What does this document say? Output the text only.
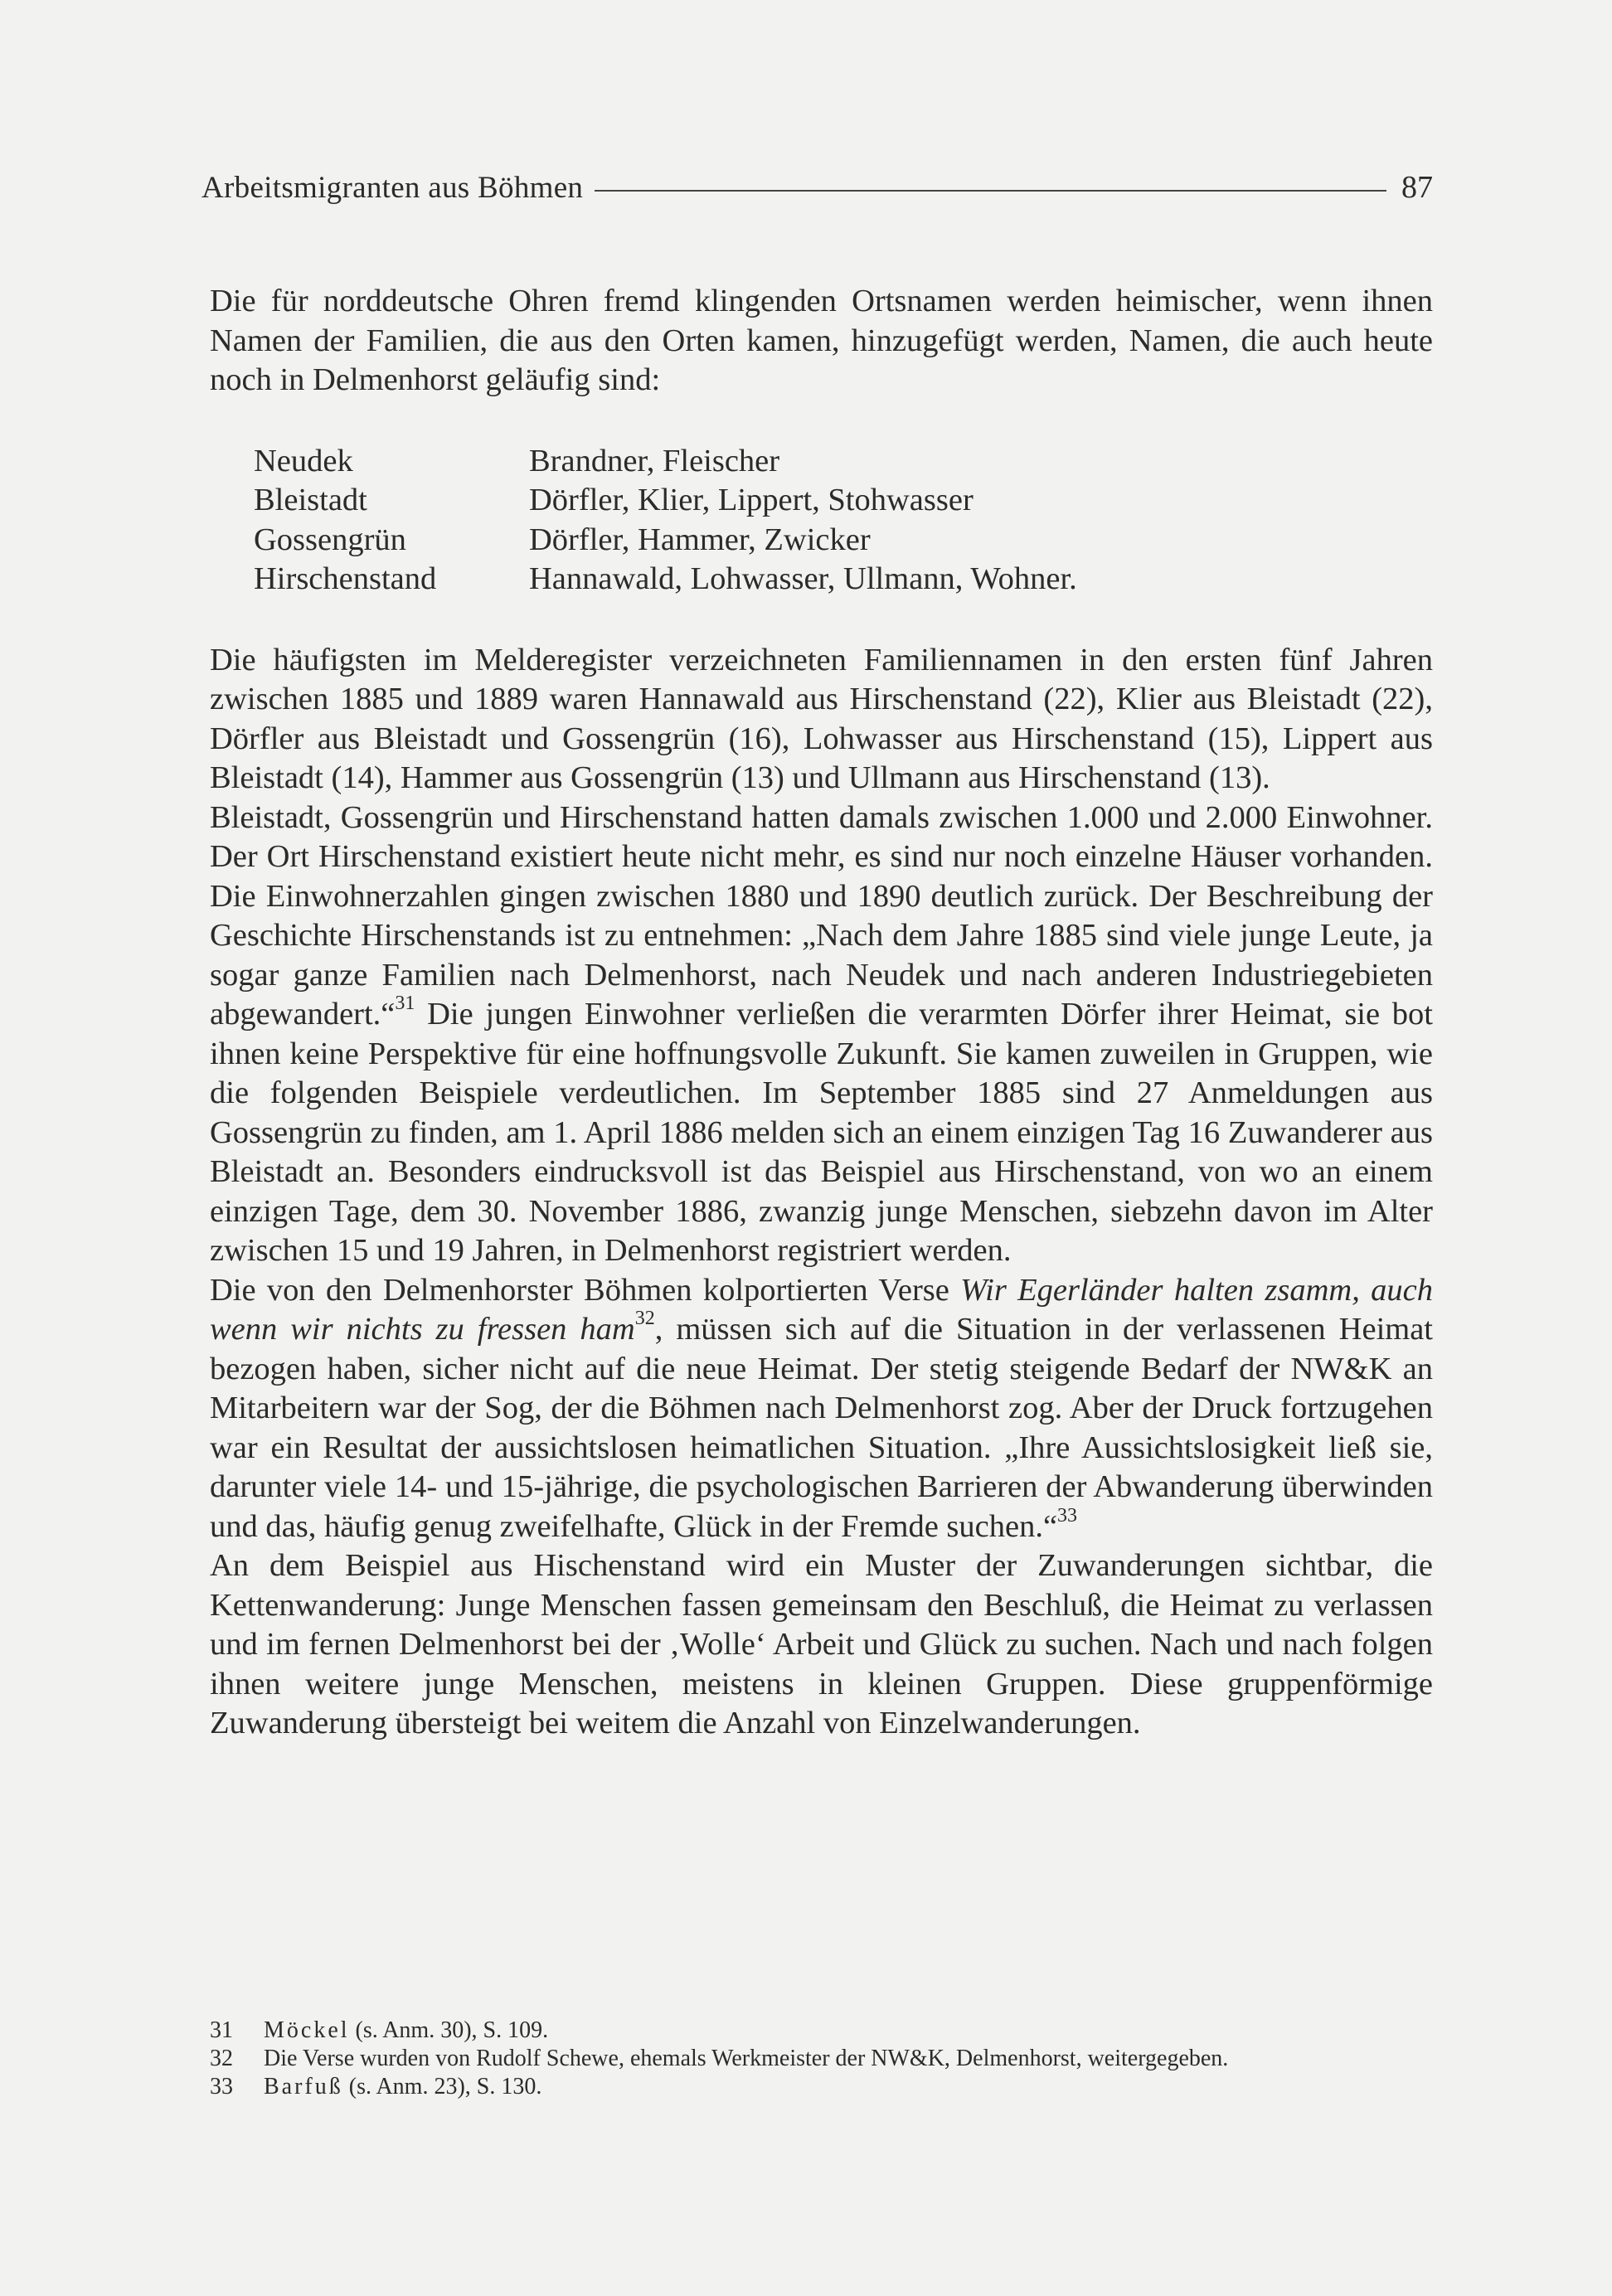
Arbeitsmigranten aus Böhmen	87

Die für norddeutsche Ohren fremd klingenden Ortsnamen werden heimischer, wenn ihnen Namen der Familien, die aus den Orten kamen, hinzugefügt werden, Namen, die auch heute noch in Delmenhorst geläufig sind:

Neudek	Brandner, Fleischer
Bleistadt	Dörfler, Klier, Lippert, Stohwasser
Gossengrün	Dörfler, Hammer, Zwicker
Hirschenstand	Hannawald, Lohwasser, Ullmann, Wohner.

Die häufigsten im Melderegister verzeichneten Familiennamen in den ersten fünf Jahren zwischen 1885 und 1889 waren Hannawald aus Hirschenstand (22), Klier aus Bleistadt (22), Dörfler aus Bleistadt und Gossengrün (16), Lohwasser aus Hirschenstand (15), Lippert aus Bleistadt (14), Hammer aus Gossengrün (13) und Ullmann aus Hirschenstand (13).

Bleistadt, Gossengrün und Hirschenstand hatten damals zwischen 1.000 und 2.000 Einwohner. Der Ort Hirschenstand existiert heute nicht mehr, es sind nur noch einzelne Häuser vorhanden. Die Einwohnerzahlen gingen zwischen 1880 und 1890 deutlich zurück. Der Beschreibung der Geschichte Hirschenstands ist zu entnehmen: „Nach dem Jahre 1885 sind viele junge Leute, ja sogar ganze Familien nach Delmenhorst, nach Neudek und nach anderen Industriegebieten abgewandert.“$^{31}$ Die jungen Einwohner verließen die verarmten Dörfer ihrer Heimat, sie bot ihnen keine Perspektive für eine hoffnungsvolle Zukunft. Sie kamen zuweilen in Gruppen, wie die folgenden Beispiele verdeutlichen. Im September 1885 sind 27 Anmeldungen aus Gossengrün zu finden, am 1. April 1886 melden sich an einem einzigen Tag 16 Zuwanderer aus Bleistadt an. Besonders eindrucksvoll ist das Beispiel aus Hirschenstand, von wo an einem einzigen Tage, dem 30. November 1886, zwanzig junge Menschen, siebzehn davon im Alter zwischen 15 und 19 Jahren, in Delmenhorst registriert werden.

Die von den Delmenhorster Böhmen kolportierten Verse Wir Egerländer halten zsamm, auch wenn wir nichts zu fressen ham$^{32}$, müssen sich auf die Situation in der verlassenen Heimat bezogen haben, sicher nicht auf die neue Heimat. Der stetig steigende Bedarf der NW&K an Mitarbeitern war der Sog, der die Böhmen nach Delmenhorst zog. Aber der Druck fortzugehen war ein Resultat der aussichtslosen heimatlichen Situation. „Ihre Aussichtslosigkeit ließ sie, darunter viele 14- und 15-jährige, die psychologischen Barrieren der Abwanderung überwinden und das, häufig genug zweifelhafte, Glück in der Fremde suchen.“$^{33}$

An dem Beispiel aus Hischenstand wird ein Muster der Zuwanderungen sichtbar, die Kettenwanderung: Junge Menschen fassen gemeinsam den Beschluß, die Heimat zu verlassen und im fernen Delmenhorst bei der ‚Wolle‘ Arbeit und Glück zu suchen. Nach und nach folgen ihnen weitere junge Menschen, meistens in kleinen Gruppen. Diese gruppenförmige Zuwanderung übersteigt bei weitem die Anzahl von Einzelwanderungen.

31	Möckel (s. Anm. 30), S. 109.
32	Die Verse wurden von Rudolf Schewe, ehemals Werkmeister der NW&K, Delmenhorst, weitergegeben.
33	Barfuß (s. Anm. 23), S. 130.
